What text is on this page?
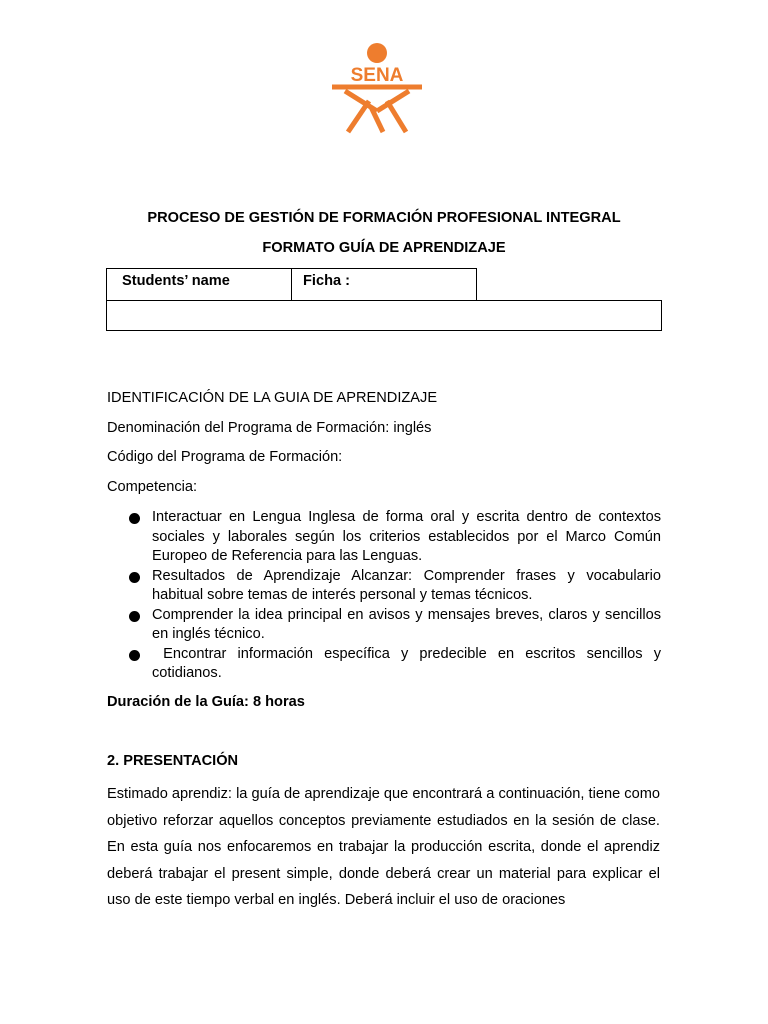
SENA
PROCESO DE GESTIÓN DE FORMACIÓN PROFESIONAL INTEGRAL
FORMATO GUÍA DE APRENDIZAJE
Students’ name	Ficha :
IDENTIFICACIÓN DE LA GUIA DE APRENDIZAJE
Denominación del Programa de Formación: inglés
Código del Programa de Formación:
Competencia:
Interactuar en Lengua Inglesa de forma oral y escrita dentro de contextos sociales y laborales según los criterios establecidos por el Marco Común Europeo de Referencia para las Lenguas.
Resultados de Aprendizaje Alcanzar: Comprender frases y vocabulario habitual sobre temas de interés personal y temas técnicos.
Comprender la idea principal en avisos y mensajes breves, claros y sencillos en inglés técnico.
Encontrar información específica y predecible en escritos sencillos y cotidianos.
Duración de la Guía: 8 horas
2. PRESENTACIÓN

Estimado aprendiz: la guía de aprendizaje que encontrará a continuación, tiene como objetivo reforzar aquellos conceptos previamente estudiados en la sesión de clase. En esta guía nos enfocaremos en trabajar la producción escrita, donde el aprendiz deberá trabajar el present simple, donde deberá crear un material para explicar el uso de este tiempo verbal en inglés. Deberá incluir el uso de oraciones
